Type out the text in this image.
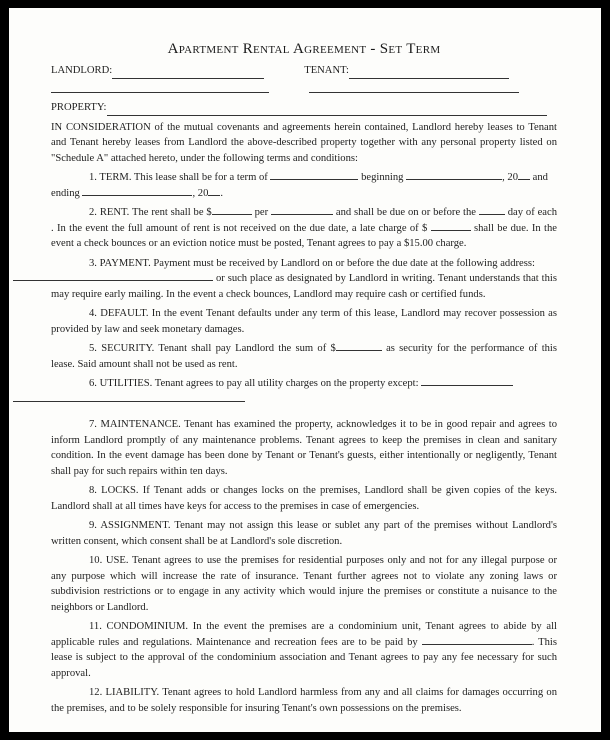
Apartment Rental Agreement - Set Term
LANDLORD:	TENANT:
PROPERTY:

IN CONSIDERATION of the mutual covenants and agreements herein contained, Landlord hereby leases to Tenant and Tenant hereby leases from Landlord the above-described property together with any personal property listed on "Schedule A" attached hereto, under the following terms and conditions:

1. TERM. This lease shall be for a term of	beginning	, 20 and
ending	, 20 .

2. RENT. The rent shall be $	per	and shall be due on or before the	day of each . In the event the full amount of rent is not received on the due date, a late charge of $	shall be due. In the event a check bounces or an eviction notice must be posted, Tenant agrees to pay a $15.00 charge.

3. PAYMENT. Payment must be received by Landlord on or before the due date at the following address:
or such place as designated by Landlord in writing. Tenant understands that this may require early mailing. In the event a check bounces, Landlord may require cash or certified funds.

4. DEFAULT. In the event Tenant defaults under any term of this lease, Landlord may recover possession as provided by law and seek monetary damages.

5. SECURITY. Tenant shall pay Landlord the sum of $	as security for the performance of this lease. Said amount shall not be used as rent.

6. UTILITIES. Tenant agrees to pay all utility charges on the property except:

7. MAINTENANCE. Tenant has examined the property, acknowledges it to be in good repair and agrees to inform Landlord promptly of any maintenance problems. Tenant agrees to keep the premises in clean and sanitary condition. In the event damage has been done by Tenant or Tenant's guests, either intentionally or negligently, Tenant shall pay for such repairs within ten days.

8. LOCKS. If Tenant adds or changes locks on the premises, Landlord shall be given copies of the keys. Landlord shall at all times have keys for access to the premises in case of emergencies.

9. ASSIGNMENT. Tenant may not assign this lease or sublet any part of the premises without Landlord's written consent, which consent shall be at Landlord's sole discretion.

10. USE. Tenant agrees to use the premises for residential purposes only and not for any illegal purpose or any purpose which will increase the rate of insurance. Tenant further agrees not to violate any zoning laws or subdivision restrictions or to engage in any activity which would injure the premises or constitute a nuisance to the neighbors or Landlord.

11. CONDOMINIUM. In the event the premises are a condominium unit, Tenant agrees to abide by all applicable rules and regulations. Maintenance and recreation fees are to be paid by	. This lease is subject to the approval of the condominium association and Tenant agrees to pay any fee necessary for such approval.

12. LIABILITY. Tenant agrees to hold Landlord harmless from any and all claims for damages occurring on the premises, and to be solely responsible for insuring Tenant's own possessions on the premises.
